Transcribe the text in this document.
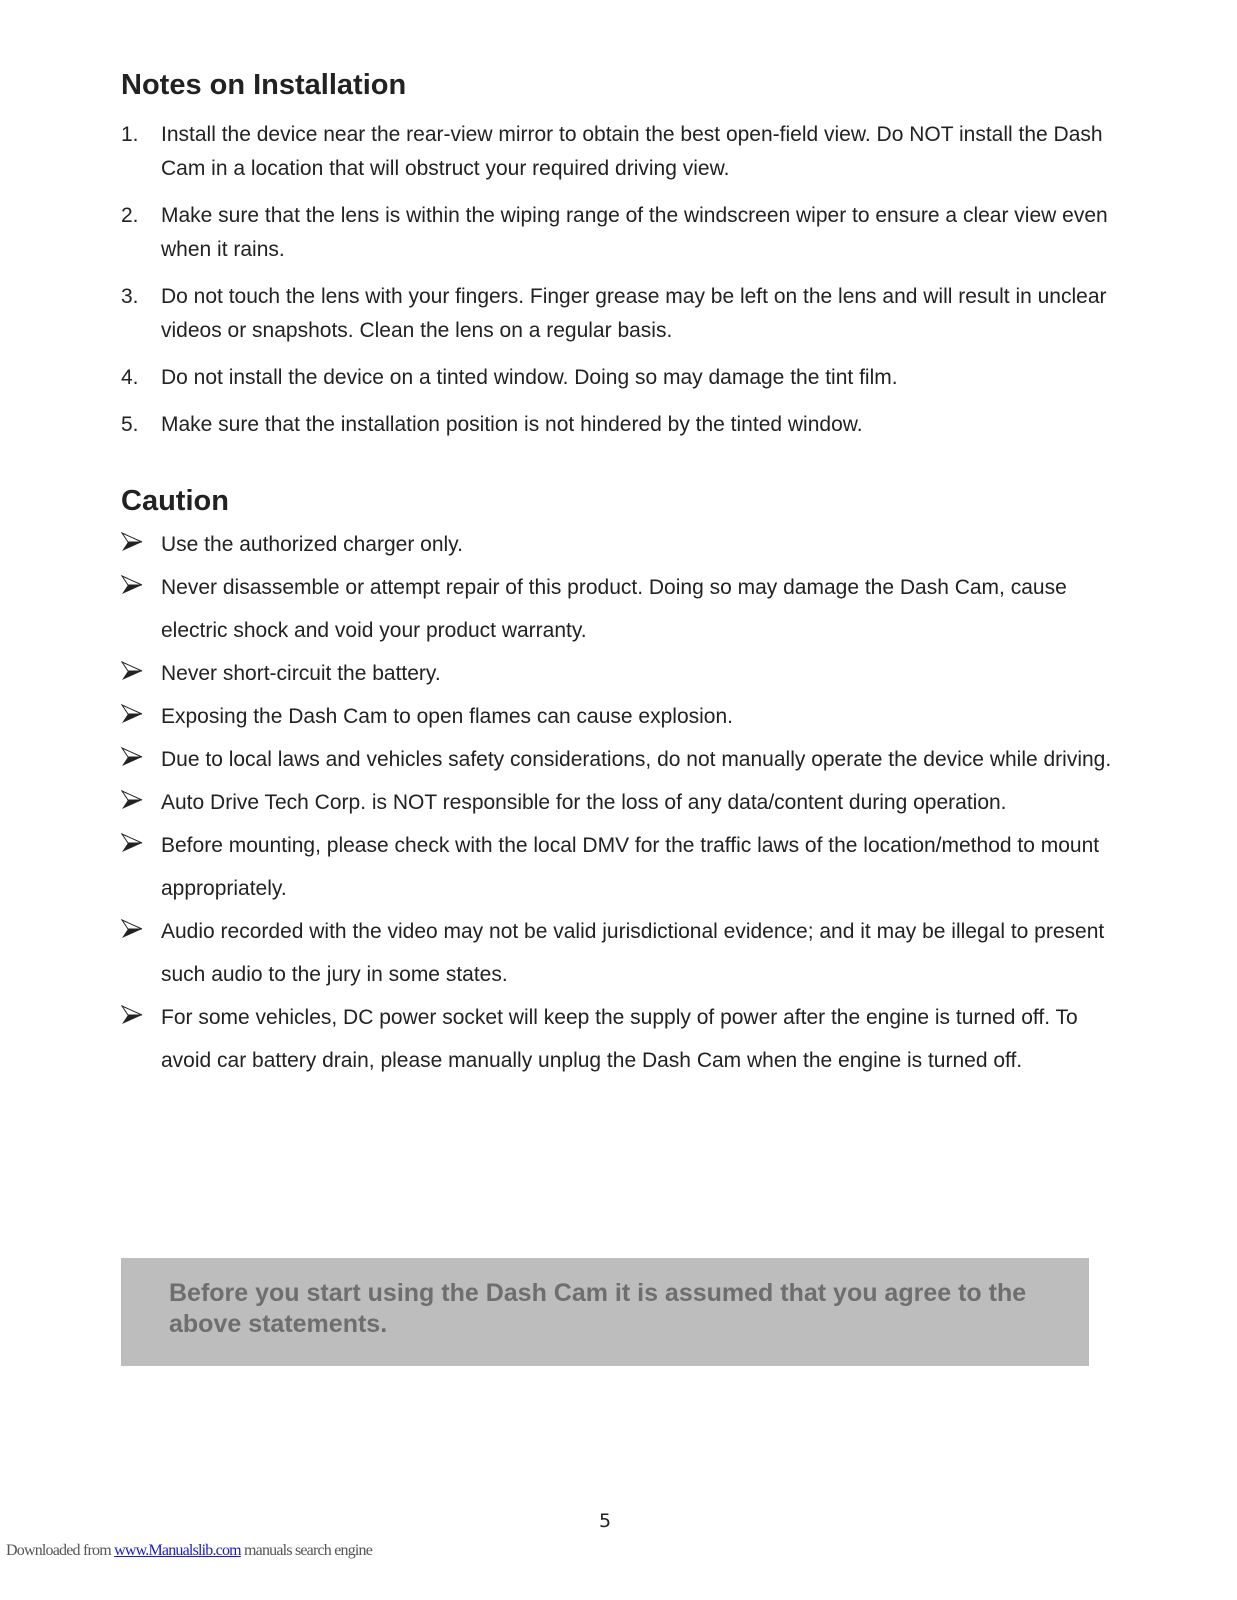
Notes on Installation
1. Install the device near the rear-view mirror to obtain the best open-field view. Do NOT install the Dash Cam in a location that will obstruct your required driving view.
2. Make sure that the lens is within the wiping range of the windscreen wiper to ensure a clear view even when it rains.
3. Do not touch the lens with your fingers. Finger grease may be left on the lens and will result in unclear videos or snapshots. Clean the lens on a regular basis.
4. Do not install the device on a tinted window. Doing so may damage the tint film.
5. Make sure that the installation position is not hindered by the tinted window.
Caution
Use the authorized charger only.
Never disassemble or attempt repair of this product. Doing so may damage the Dash Cam, cause electric shock and void your product warranty.
Never short-circuit the battery.
Exposing the Dash Cam to open flames can cause explosion.
Due to local laws and vehicles safety considerations, do not manually operate the device while driving.
Auto Drive Tech Corp. is NOT responsible for the loss of any data/content during operation.
Before mounting, please check with the local DMV for the traffic laws of the location/method to mount appropriately.
Audio recorded with the video may not be valid jurisdictional evidence; and it may be illegal to present such audio to the jury in some states.
For some vehicles, DC power socket will keep the supply of power after the engine is turned off. To avoid car battery drain, please manually unplug the Dash Cam when the engine is turned off.

Before you start using the Dash Cam it is assumed that you agree to the above statements.

5
Downloaded from www.Manualslib.com manuals search engine
